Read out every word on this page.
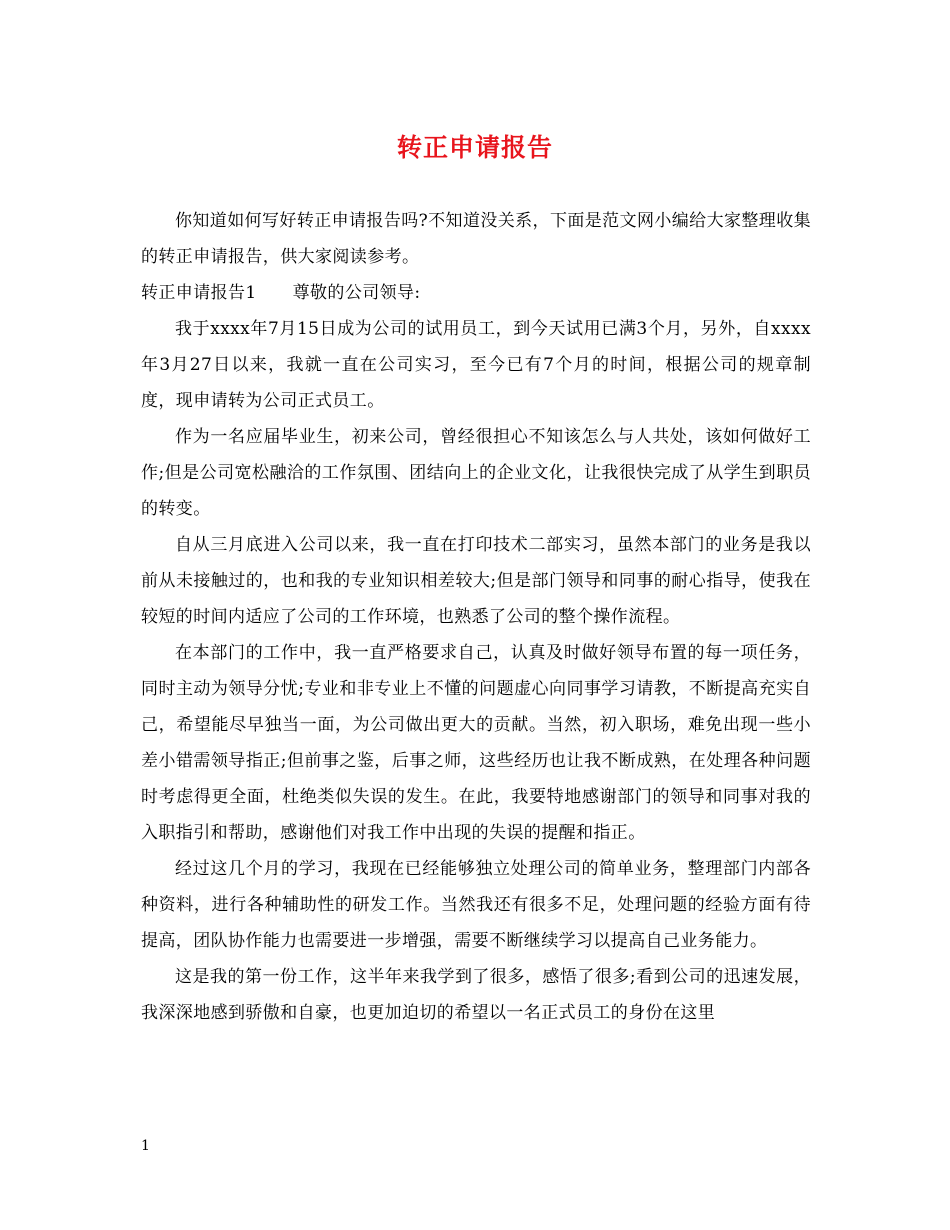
转正申请报告

你知道如何写好转正申请报告吗?不知道没关系，下面是范文网小编给大家整理收集的转正申请报告，供大家阅读参考。

转正申请报告1 尊敬的公司领导:

我于xxxx年7月15日成为公司的试用员工，到今天试用已满3个月，另外，自xxxx年3月27日以来，我就一直在公司实习，至今已有7个月的时间，根据公司的规章制度，现申请转为公司正式员工。

作为一名应届毕业生，初来公司，曾经很担心不知该怎么与人共处，该如何做好工作;但是公司宽松融洽的工作氛围、团结向上的企业文化，让我很快完成了从学生到职员的转变。

自从三月底进入公司以来，我一直在打印技术二部实习，虽然本部门的业务是我以前从未接触过的，也和我的专业知识相差较大;但是部门领导和同事的耐心指导，使我在较短的时间内适应了公司的工作环境，也熟悉了公司的整个操作流程。

在本部门的工作中，我一直严格要求自己，认真及时做好领导布置的每一项任务，同时主动为领导分忧;专业和非专业上不懂的问题虚心向同事学习请教，不断提高充实自己，希望能尽早独当一面，为公司做出更大的贡献。当然，初入职场，难免出现一些小差小错需领导指正;但前事之鉴，后事之师，这些经历也让我不断成熟，在处理各种问题时考虑得更全面，杜绝类似失误的发生。在此，我要特地感谢部门的领导和同事对我的入职指引和帮助，感谢他们对我工作中出现的失误的提醒和指正。

经过这几个月的学习，我现在已经能够独立处理公司的简单业务，整理部门内部各种资料，进行各种辅助性的研发工作。当然我还有很多不足，处理问题的经验方面有待提高，团队协作能力也需要进一步增强，需要不断继续学习以提高自己业务能力。

这是我的第一份工作，这半年来我学到了很多，感悟了很多;看到公司的迅速发展，我深深地感到骄傲和自豪，也更加迫切的希望以一名正式员工的身份在这里

1
